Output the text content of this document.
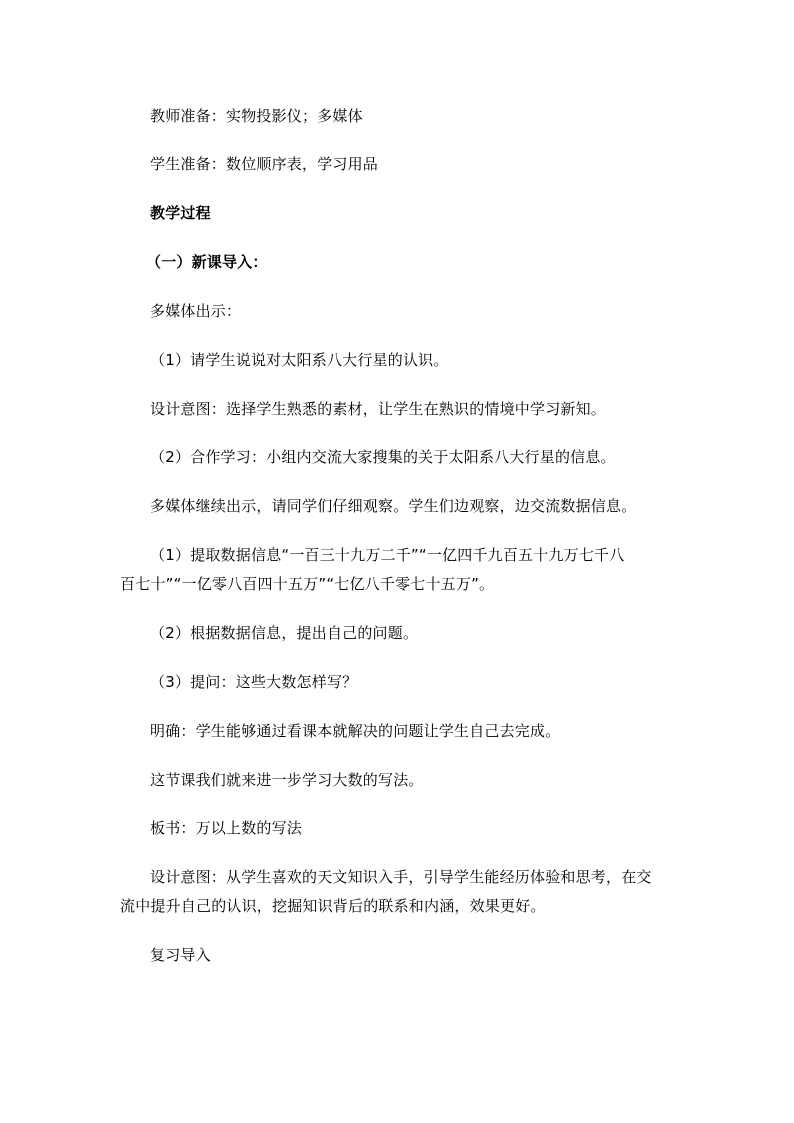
教师准备：实物投影仪；多媒体
学生准备：数位顺序表，学习用品
教学过程
（一）新课导入：
多媒体出示：
（1）请学生说说对太阳系八大行星的认识。
设计意图：选择学生熟悉的素材，让学生在熟识的情境中学习新知。
（2）合作学习：小组内交流大家搜集的关于太阳系八大行星的信息。
多媒体继续出示，请同学们仔细观察。学生们边观察，边交流数据信息。
（1）提取数据信息“一百三十九万二千”“一亿四千九百五十九万七千八
百七十”“一亿零八百四十五万”“七亿八千零七十五万”。
（2）根据数据信息，提出自己的问题。
（3）提问：这些大数怎样写？
明确：学生能够通过看课本就解决的问题让学生自己去完成。
这节课我们就来进一步学习大数的写法。
板书：万以上数的写法
设计意图：从学生喜欢的天文知识入手，引导学生能经历体验和思考，在交
流中提升自己的认识，挖掘知识背后的联系和内涵，效果更好。
复习导入
